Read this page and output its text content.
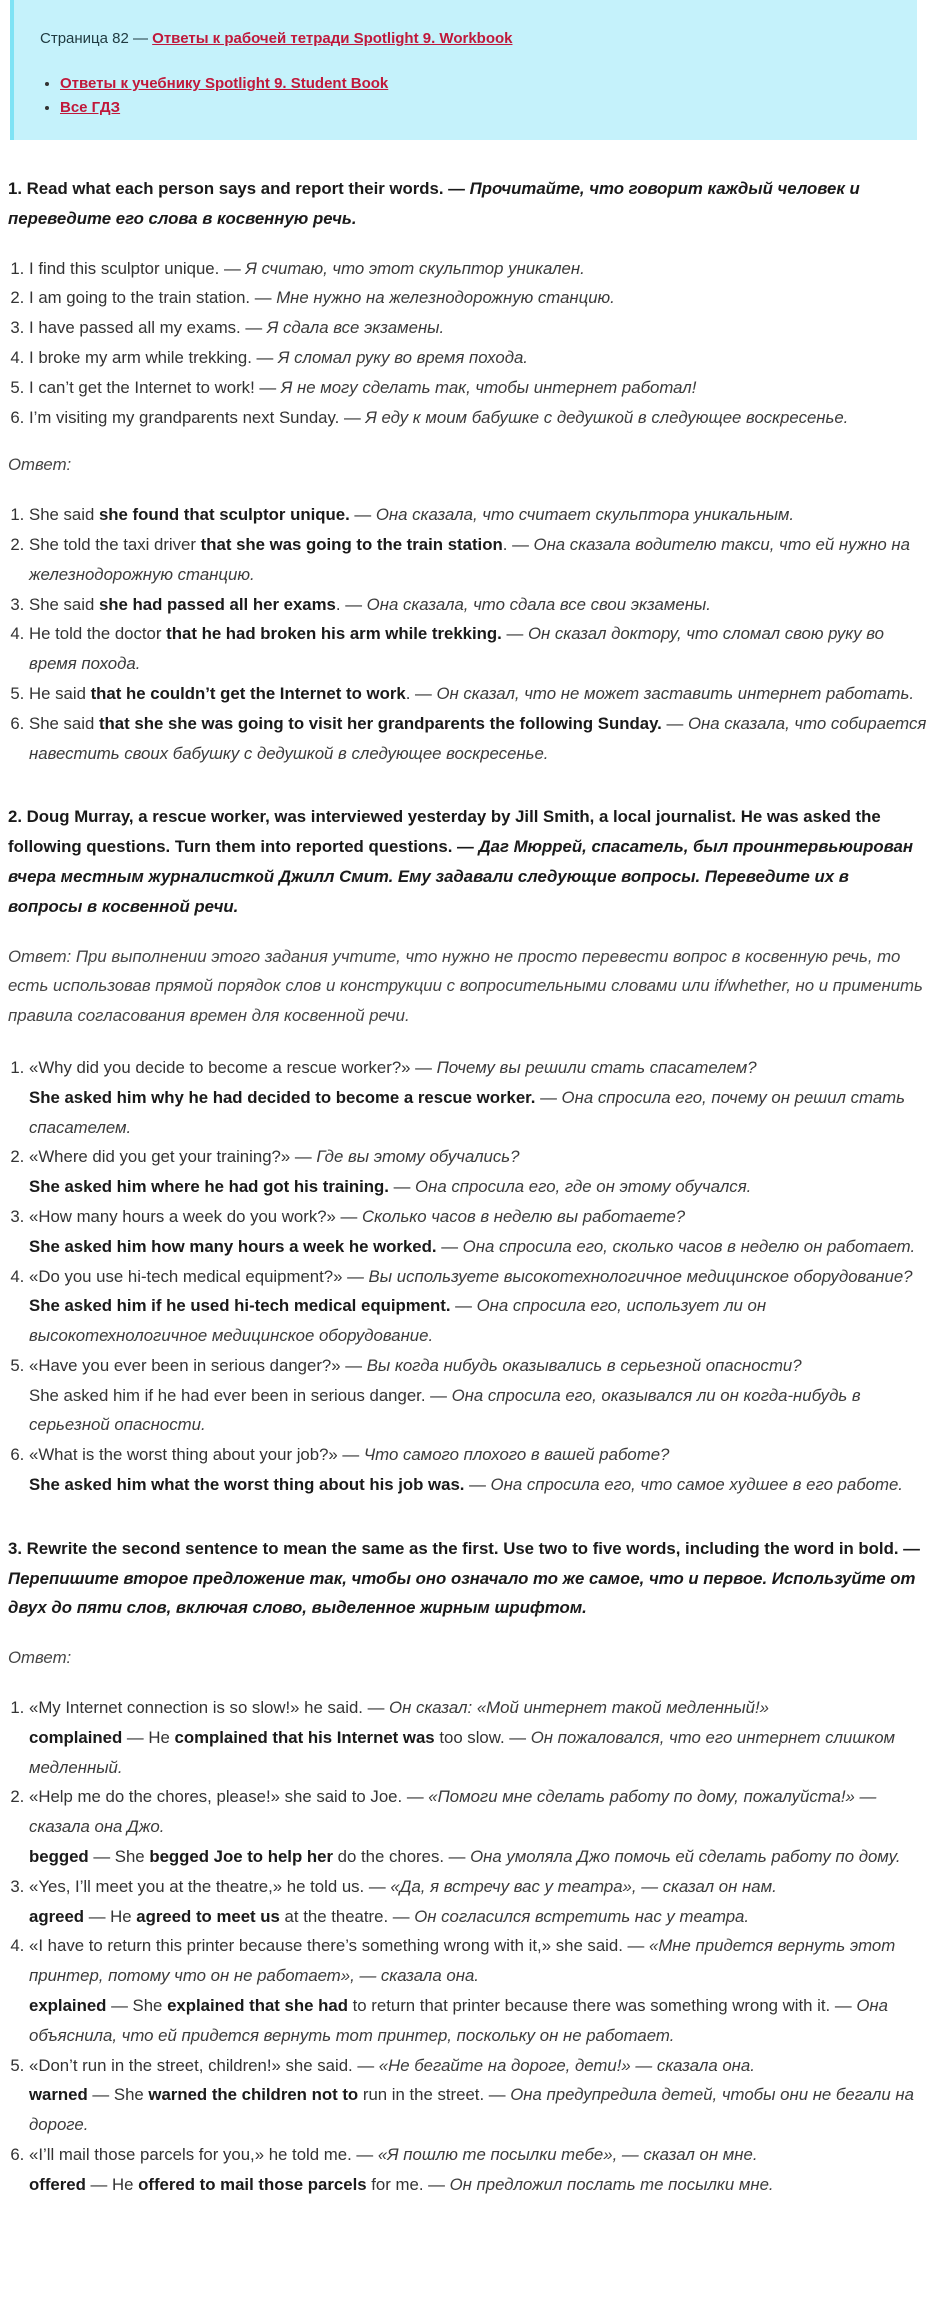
Страница 82 — Ответы к рабочей тетради Spotlight 9. Workbook
• Ответы к учебнику Spotlight 9. Student Book
• Все ГДЗ
1. Read what each person says and report their words. — Прочитайте, что говорит каждый человек и переведите его слова в косвенную речь.
1. I find this sculptor unique. — Я считаю, что этот скульптор уникален.
2. I am going to the train station. — Мне нужно на железнодорожную станцию.
3. I have passed all my exams. — Я сдала все экзамены.
4. I broke my arm while trekking. — Я сломал руку во время похода.
5. I can’t get the Internet to work! — Я не могу сделать так, чтобы интернет работал!
6. I’m visiting my grandparents next Sunday. — Я еду к моим бабушке с дедушкой в следующее воскресенье.
Ответ:
1. She said she found that sculptor unique. — Она сказала, что считает скульптора уникальным.
2. She told the taxi driver that she was going to the train station. — Она сказала водителю такси, что ей нужно на железнодорожную станцию.
3. She said she had passed all her exams. — Она сказала, что сдала все свои экзамены.
4. He told the doctor that he had broken his arm while trekking. — Он сказал доктору, что сломал свою руку во время похода.
5. He said that he couldn’t get the Internet to work. — Он сказал, что не может заставить интернет работать.
6. She said that she she was going to visit her grandparents the following Sunday. — Она сказала, что собирается навестить своих бабушку с дедушкой в следующее воскресенье.
2. Doug Murray, a rescue worker, was interviewed yesterday by Jill Smith, a local journalist. He was asked the following questions. Turn them into reported questions. — Даг Мюррей, спасатель, был проинтервьюирован вчера местным журналисткой Джилл Смит. Ему задавали следующие вопросы. Переведите их в вопросы в косвенной речи.
Ответ: При выполнении этого задания учтите, что нужно не просто перевести вопрос в косвенную речь, то есть использовав прямой порядок слов и конструкции с вопросительными словами или if/whether, но и применить правила согласования времен для косвенной речи.
1. «Why did you decide to become a rescue worker?» — Почему вы решили стать спасателем?
She asked him why he had decided to become a rescue worker. — Она спросила его, почему он решил стать спасателем.
2. «Where did you get your training?» — Где вы этому обучались?
She asked him where he had got his training. — Она спросила его, где он этому обучался.
3. «How many hours a week do you work?» — Сколько часов в неделю вы работаете?
She asked him how many hours a week he worked. — Она спросила его, сколько часов в неделю он работает.
4. «Do you use hi-tech medical equipment?» — Вы используете высокотехнологичное медицинское оборудование?
She asked him if he used hi-tech medical equipment. — Она спросила его, использует ли он высокотехнологичное медицинское оборудование.
5. «Have you ever been in serious danger?» — Вы когда нибудь оказывались в серьезной опасности?
She asked him if he had ever been in serious danger. — Она спросила его, оказывался ли он когда-нибудь в серьезной опасности.
6. «What is the worst thing about your job?» — Что самого плохого в вашей работе?
She asked him what the worst thing about his job was. — Она спросила его, что самое худшее в его работе.
3. Rewrite the second sentence to mean the same as the first. Use two to five words, including the word in bold. — Перепишите второе предложение так, чтобы оно означало то же самое, что и первое. Используйте от двух до пяти слов, включая слово, выделенное жирным шрифтом.
Ответ:
1. «My Internet connection is so slow!» he said. — Он сказал: «Мой интернет такой медленный!»
complained — He complained that his Internet was too slow. — Он пожаловался, что его интернет слишком медленный.
2. «Help me do the chores, please!» she said to Joe. — «Помоги мне сделать работу по дому, пожалуйста!» — сказала она Джо.
begged — She begged Joe to help her do the chores. — Она умоляла Джо помочь ей сделать работу по дому.
3. «Yes, I’ll meet you at the theatre,» he told us. — «Да, я встречу вас у театра», — сказал он нам.
agreed — He agreed to meet us at the theatre. — Он согласился встретить нас у театра.
4. «I have to return this printer because there’s something wrong with it,» she said. — «Мне придется вернуть этот принтер, потому что он не работает», — сказала она.
explained — She explained that she had to return that printer because there was something wrong with it. — Она объяснила, что ей придется вернуть тот принтер, поскольку он не работает.
5. «Don’t run in the street, children!» she said. — «Не бегайте на дороге, дети!» — сказала она.
warned — She warned the children not to run in the street. — Она предупредила детей, чтобы они не бегали на дороге.
6. «I’ll mail those parcels for you,» he told me. — «Я пошлю те посылки тебе», — сказал он мне.
offered — He offered to mail those parcels for me. — Он предложил послать те посылки мне.
